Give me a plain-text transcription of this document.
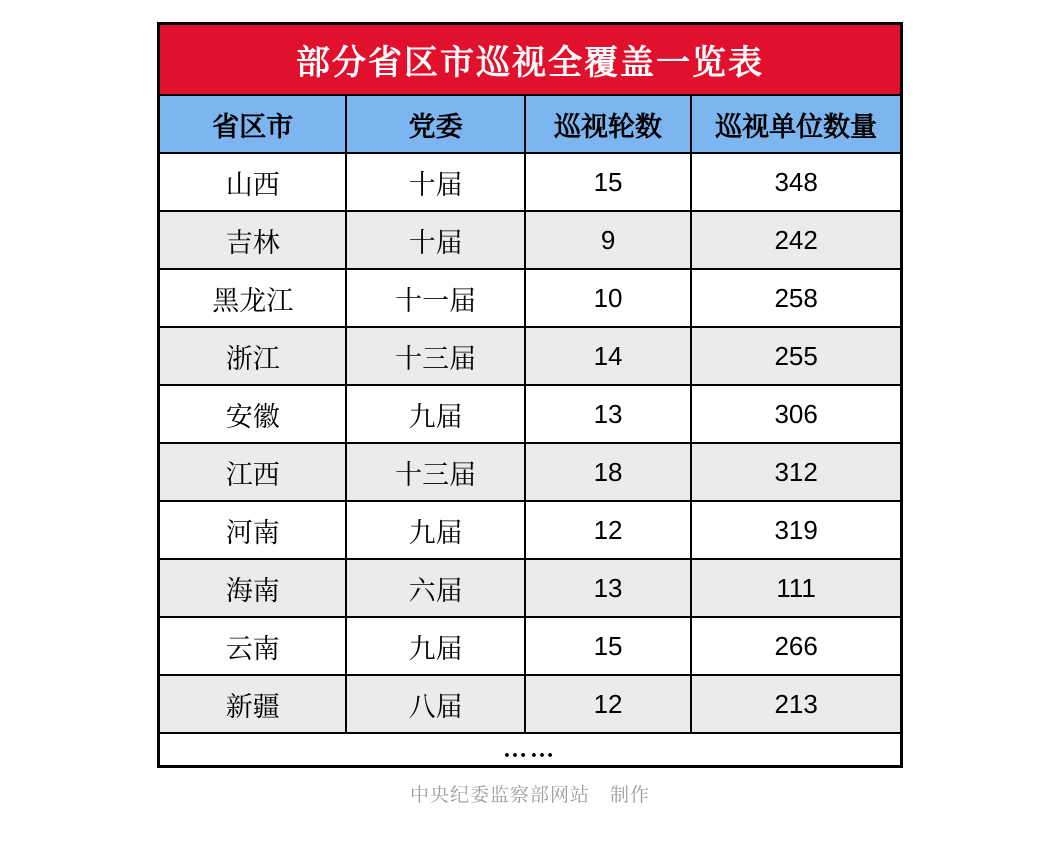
部分省区市巡视全覆盖一览表
省区市	党委	巡视轮数	巡视单位数量
山西	十届	15	348
吉林	十届	9	242
黑龙江	十一届	10	258
浙江	十三届	14	255
安徽	九届	13	306
江西	十三届	18	312
河南	九届	12	319
海南	六届	13	111
云南	九届	15	266
新疆	八届	12	213
……			
中央纪委监察部网站　制作
